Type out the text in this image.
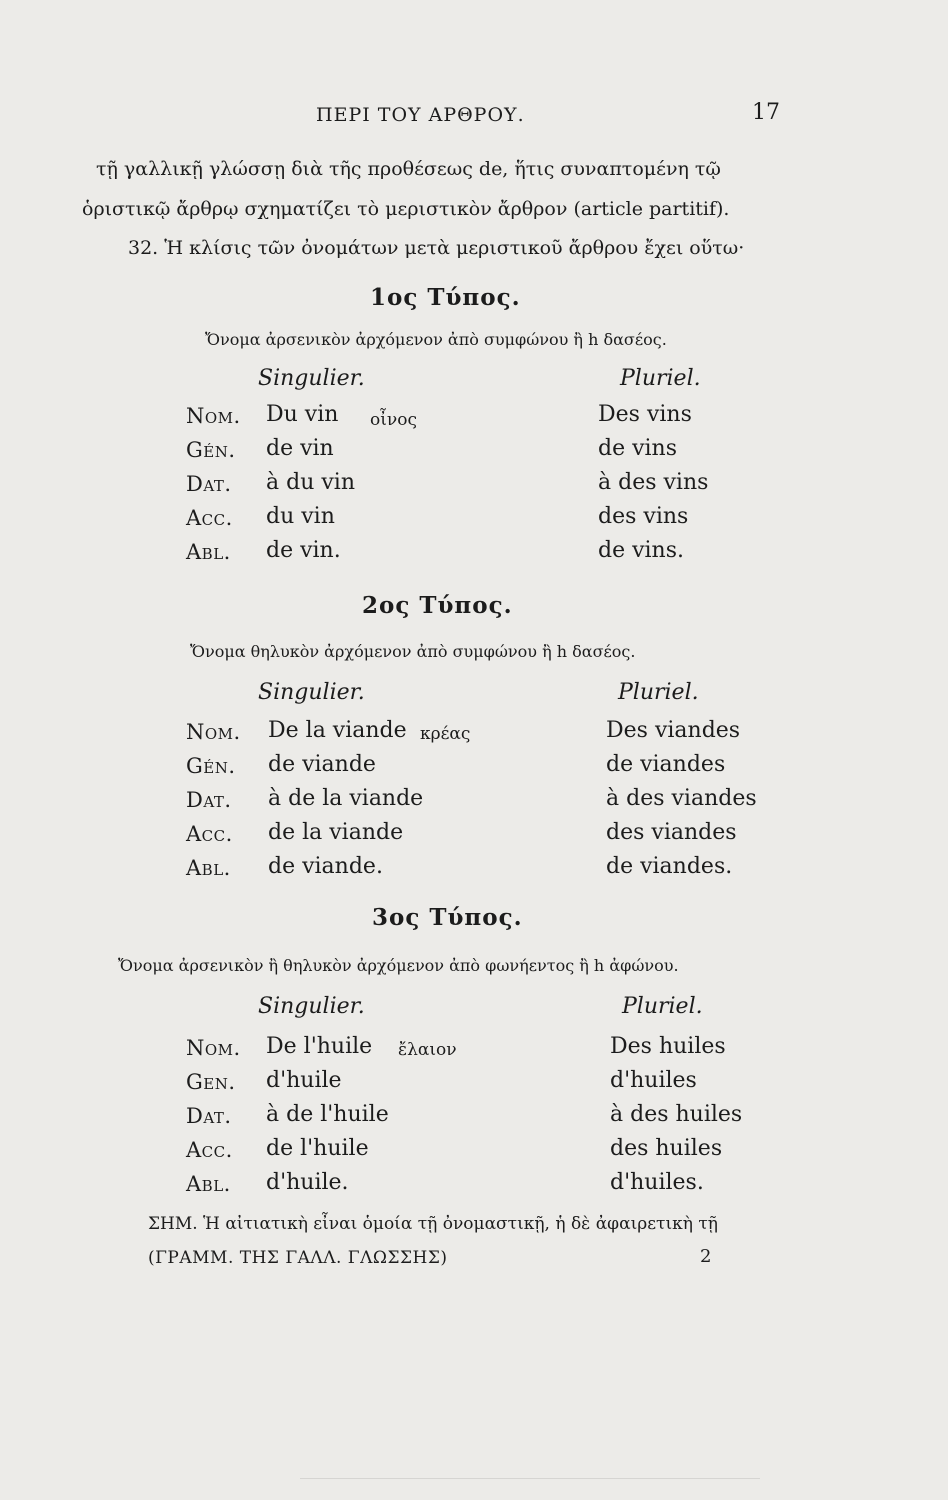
ΠΕΡΙ ΤΟΥ ΑΡΘΡΟΥ.	17
τῇ γαλλικῇ γλώσσῃ διὰ τῆς προθέσεως de, ἥτις συναπτομένη τῷ
ὁριστικῷ ἄρθρῳ σχηματίζει τὸ μεριστικὸν ἄρθρον (article partitif).
32. Ἡ κλίσις τῶν ὀνομάτων μετὰ μεριστικοῦ ἄρθρου ἔχει οὕτω·
1ος Τύπος.
Ὄνομα ἀρσενικὸν ἀρχόμενον ἀπὸ συμφώνου ἢ h δασέος.
Singulier.	Pluriel.
οἶνος
Nom. Du vin	Des vins
Gén. de vin	de vins
Dat. à du vin	à des vins
Acc. du vin	des vins
Abl. de vin.	de vins.
2ος Τύπος.
Ὄνομα θηλυκὸν ἀρχόμενον ἀπὸ συμφώνου ἢ h δασέος.
Singulier.	Pluriel.
κρέας
Nom. De la viande	Des viandes
Gén. de viande	de viandes
Dat. à de la viande	à des viandes
Acc. de la viande	des viandes
Abl. de viande.	de viandes.
3ος Τύπος.
Ὄνομα ἀρσενικὸν ἢ θηλυκὸν ἀρχόμενον ἀπὸ φωνήεντος ἢ h ἀφώνου.
Singulier.	Pluriel.
ἔλαιον
Nom. De l'huile	Des huiles
Gen. d'huile	d'huiles
Dat. à de l'huile	à des huiles
Acc. de l'huile	des huiles
Abl. d'huile.	d'huiles.
ΣΗΜ. Ἡ αἰτιατικὴ εἶναι ὁμοία τῇ ὀνομαστικῇ, ἡ δὲ ἀφαιρετικὴ τῇ
(ΓΡΑΜΜ. ΤΗΣ ΓΑΛΛ. ΓΛΩΣΣΗΣ)	2
